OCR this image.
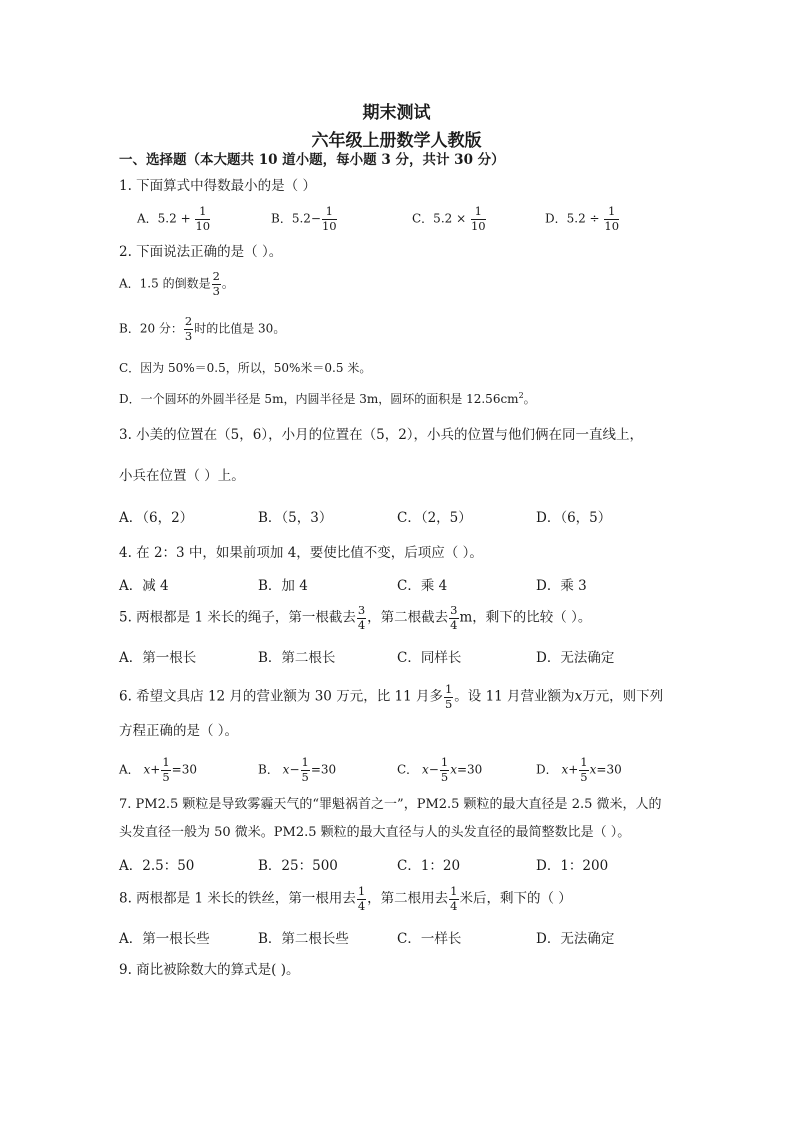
期末测试
六年级上册数学人教版
一、选择题（本大题共 10 道小题，每小题 3 分，共计 30 分）
1. 下面算式中得数最小的是（ ）
A．$5.2 + \frac{1}{10}$	B．$5.2- \frac{1}{10}$	C．$5.2 \times \frac{1}{10}$	D．$5.2 \div \frac{1}{10}$
2. 下面说法正确的是（ ）。
A．1.5 的倒数是 $\frac{2}{3}$ 。
B．20 分： $\frac{2}{3}$ 时的比值是 30。
C．因为 50%＝0.5，所以，50%米＝0.5 米。
D．一个圆环的外圆半径是 5m，内圆半径是 3m，圆环的面积是 $12.56cm^2$。
3. 小美的位置在（5，6），小月的位置在（5，2），小兵的位置与他们俩在同一直线上，
小兵在位置（ ）上。
A．（6，2）	B．（5，3）	C．（2，5）	D．（6，5）
4. 在 2：3 中，如果前项加 4，要使比值不变，后项应（ ）。
A．减 4	B．加 4	C．乘 4	D．乘 3
5. 两根都是 1 米长的绳子，第一根截去 $\frac{3}{4}$ ，第二根截去 $\frac{3}{4}$ m，剩下的比较（ ）。
A．第一根长	B．第二根长	C．同样长	D．无法确定
6. 希望文具店 12 月的营业额为 30 万元，比 11 月多 $\frac{1}{5}$ 。设 11 月营业额为x万元，则下列
方程正确的是（ ）。
A． $x+ \frac{1}{5} =30$	B． $x- \frac{1}{5} =30$	C． $x- \frac{1}{5} x=30$	D． $x+ \frac{1}{5} x=30$
7. PM2.5 颗粒是导致雾霾天气的“罪魁祸首之一”，PM2.5 颗粒的最大直径是 2.5 微米，人的
头发直径一般为 50 微米。PM2.5 颗粒的最大直径与人的头发直径的最简整数比是（ ）。
A．2.5：50	B．25：500	C．1：20	D．1：200
8. 两根都是 1 米长的铁丝，第一根用去 $\frac{1}{4}$ ，第二根用去 $\frac{1}{4}$ 米后，剩下的（ ）
A．第一根长些	B．第二根长些	C．一样长	D．无法确定
9. 商比被除数大的算式是( )。
